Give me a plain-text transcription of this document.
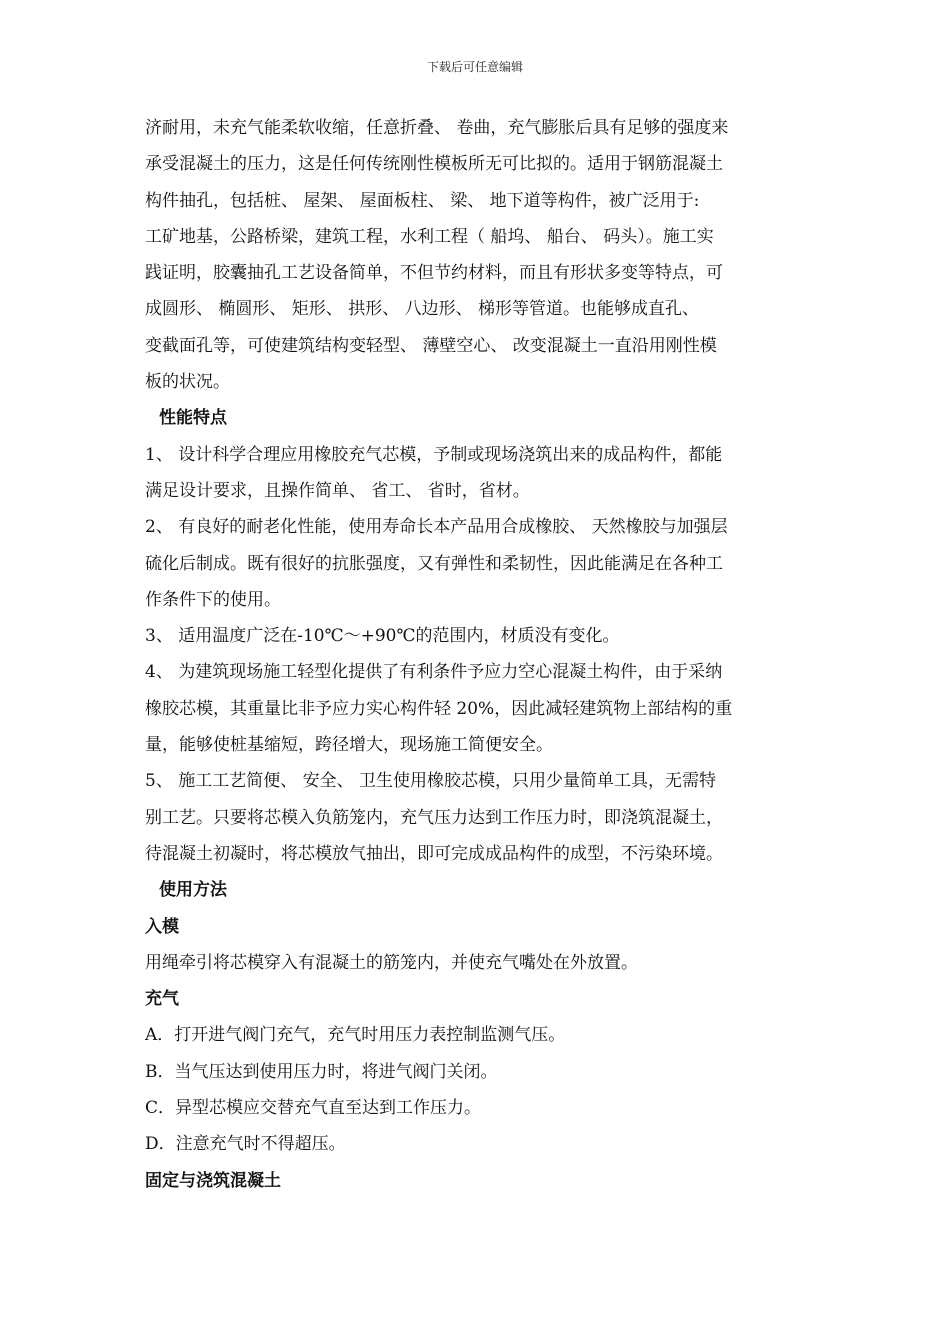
下载后可任意编辑
济耐用，未充气能柔软收缩，任意折叠、 卷曲，充气膨胀后具有足够的强度来
承受混凝土的压力，这是任何传统刚性模板所无可比拟的。适用于钢筋混凝土
构件抽孔，包括桩、 屋架、 屋面板柱、 梁、 地下道等构件，被广泛用于:
工矿地基，公路桥梁，建筑工程，水利工程（ 船坞、 船台、 码头）。施工实
践证明，胶囊抽孔工艺设备简单，不但节约材料，而且有形状多变等特点，可
成圆形、 椭圆形、 矩形、 拱形、 八边形、 梯形等管道。也能够成直孔、
变截面孔等，可使建筑结构变轻型、 薄壁空心、 改变混凝土一直沿用刚性模
板的状况。
性能特点
1、 设计科学合理应用橡胶充气芯模，予制或现场浇筑出来的成品构件，都能
满足设计要求，且操作简单、 省工、 省时，省材。
2、 有良好的耐老化性能，使用寿命长本产品用合成橡胶、 天然橡胶与加强层
硫化后制成。既有很好的抗胀强度，又有弹性和柔韧性，因此能满足在各种工
作条件下的使用。
3、 适用温度广泛在-10℃～+90℃的范围内，材质没有变化。
4、 为建筑现场施工轻型化提供了有利条件予应力空心混凝土构件，由于采纳
橡胶芯模，其重量比非予应力实心构件轻 20%，因此减轻建筑物上部结构的重
量，能够使桩基缩短，跨径增大，现场施工简便安全。
5、 施工工艺简便、 安全、 卫生使用橡胶芯模，只用少量简单工具，无需特
别工艺。只要将芯模入负筋笼内，充气压力达到工作压力时，即浇筑混凝土，
待混凝土初凝时，将芯模放气抽出，即可完成成品构件的成型，不污染环境。
使用方法
入模
用绳牵引将芯模穿入有混凝土的筋笼内，并使充气嘴处在外放置。
充气
A．打开进气阀门充气，充气时用压力表控制监测气压。
B．当气压达到使用压力时，将进气阀门关闭。
C．异型芯模应交替充气直至达到工作压力。
D．注意充气时不得超压。
固定与浇筑混凝土
